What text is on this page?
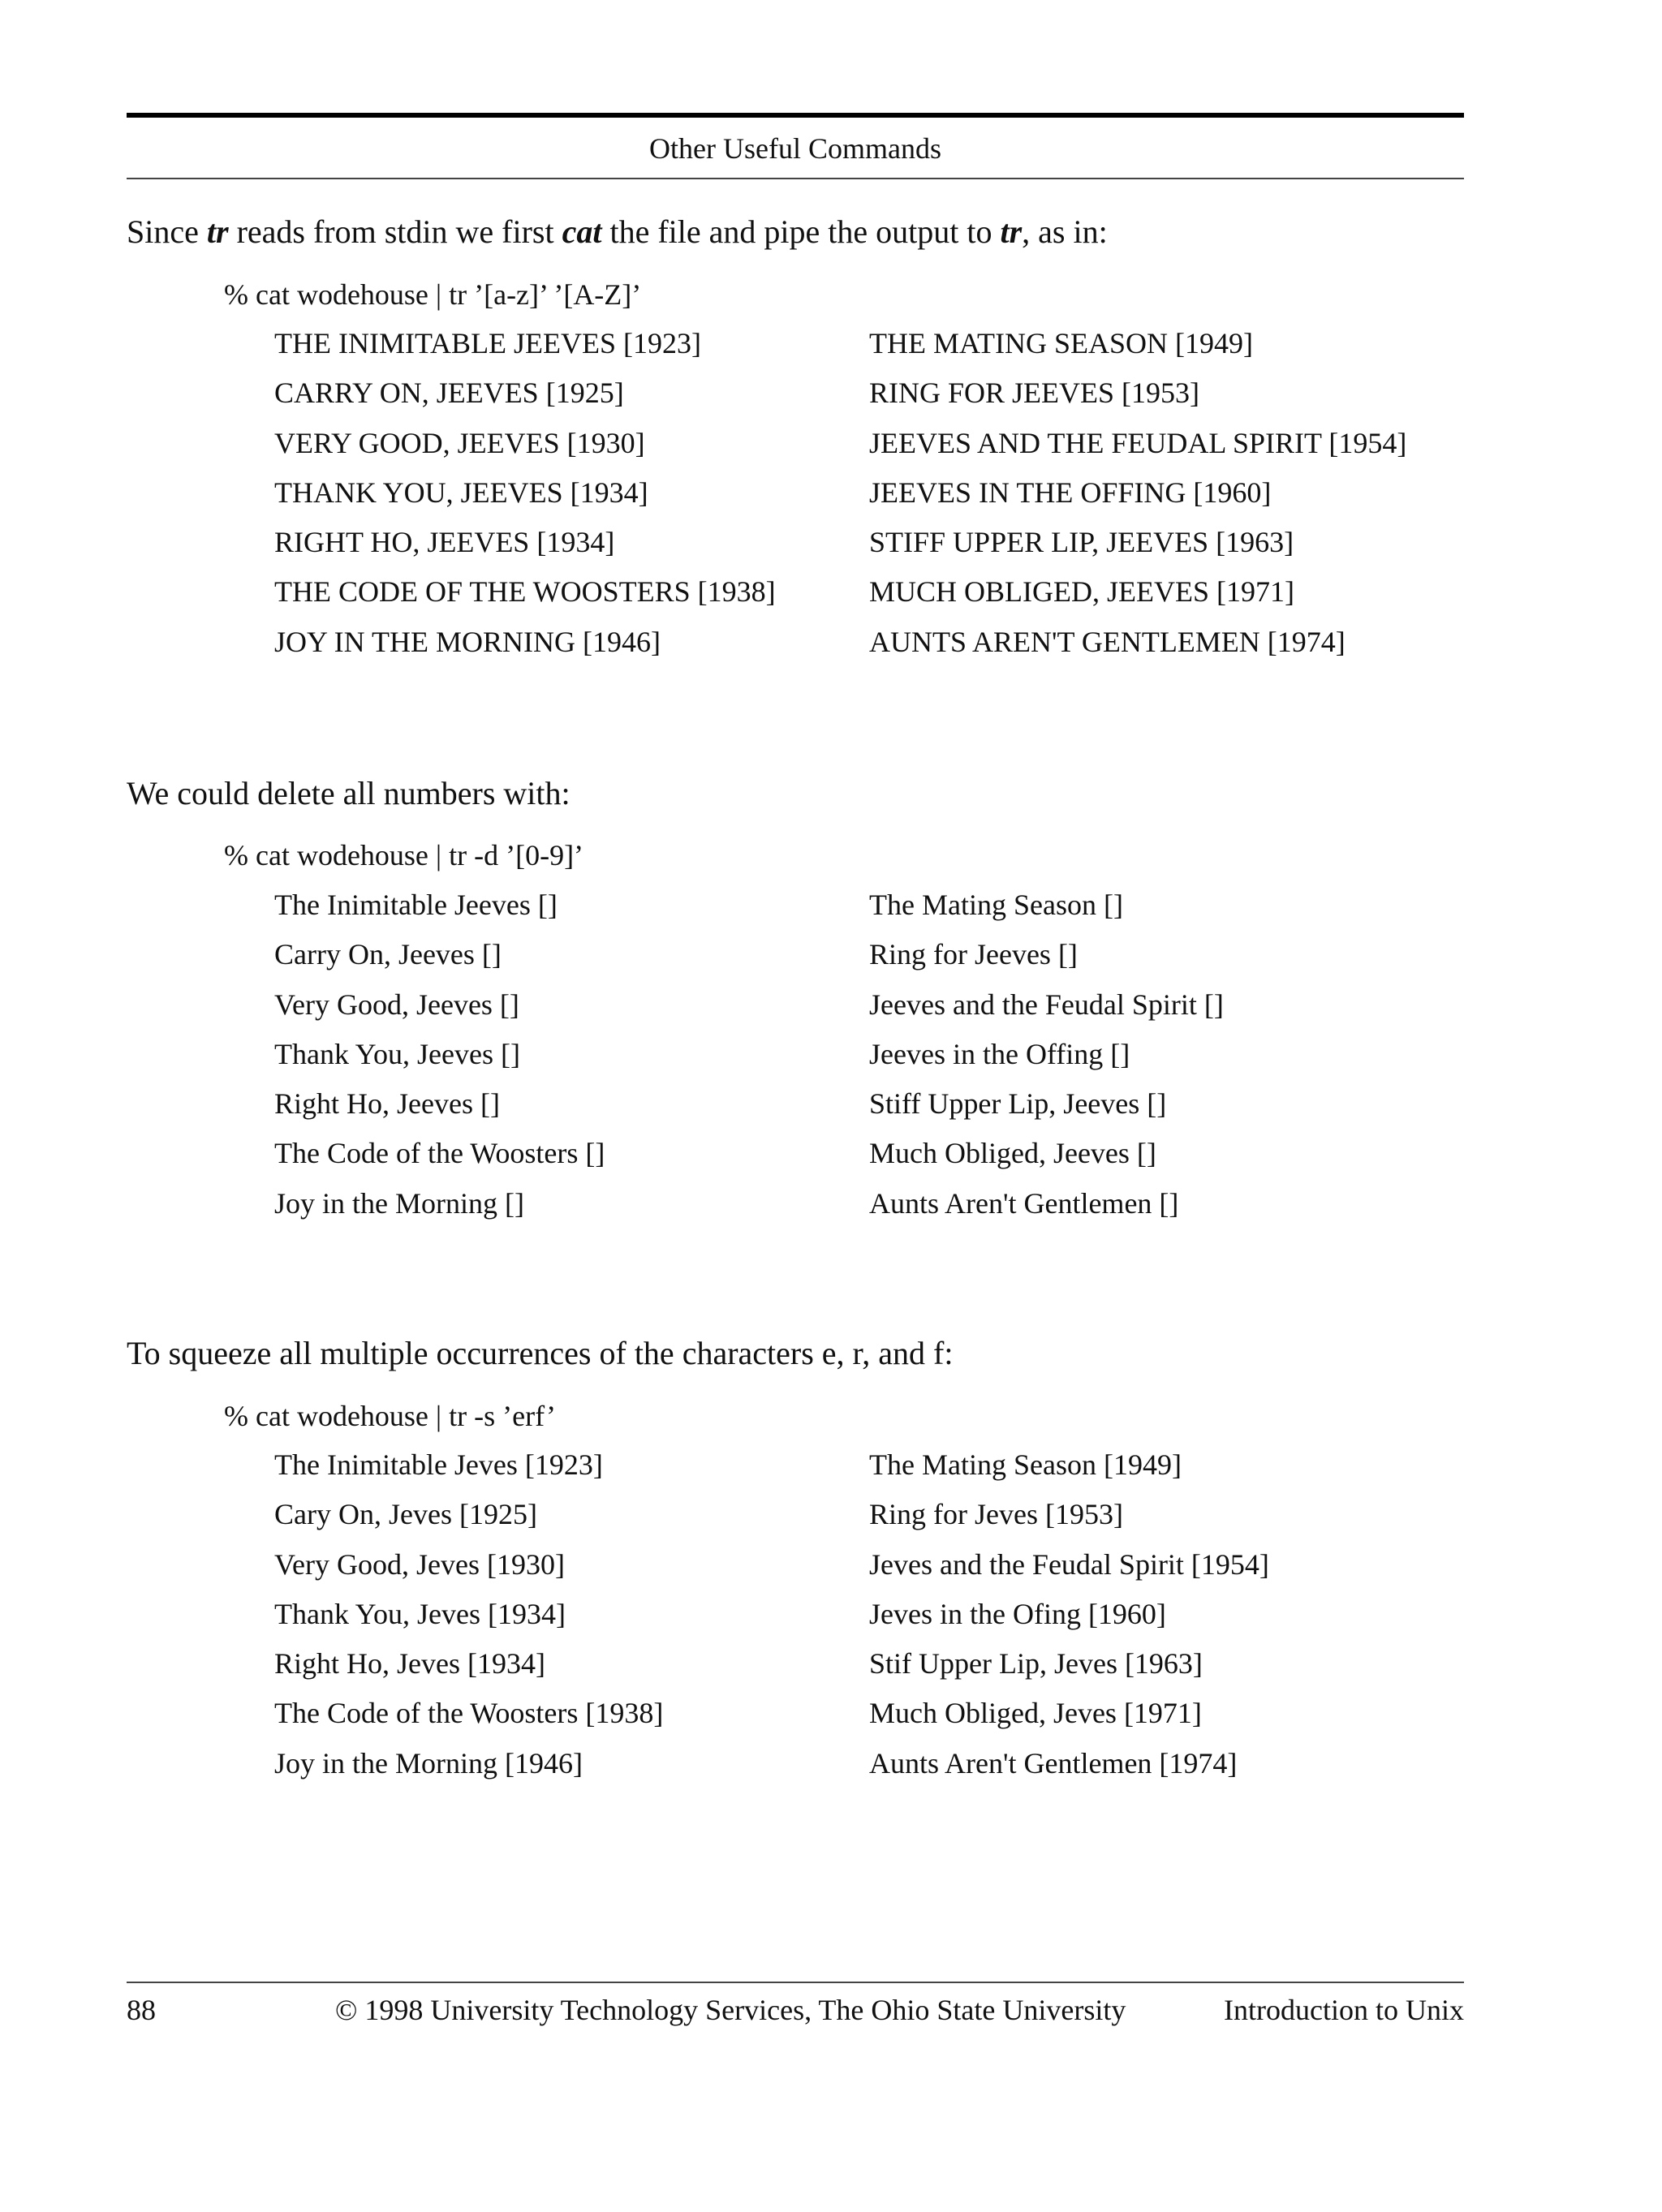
Other Useful Commands
Since tr reads from stdin we first cat the file and pipe the output to tr, as in:
% cat wodehouse | tr ’[a-z]’ ’[A-Z]’
THE INIMITABLE JEEVES [1923]
CARRY ON, JEEVES [1925]
VERY GOOD, JEEVES [1930]
THANK YOU, JEEVES [1934]
RIGHT HO, JEEVES [1934]
THE CODE OF THE WOOSTERS [1938]
JOY IN THE MORNING [1946]
THE MATING SEASON [1949]
RING FOR JEEVES [1953]
JEEVES AND THE FEUDAL SPIRIT [1954]
JEEVES IN THE OFFING [1960]
STIFF UPPER LIP, JEEVES [1963]
MUCH OBLIGED, JEEVES [1971]
AUNTS AREN'T GENTLEMEN [1974]
We could delete all numbers with:
% cat wodehouse | tr -d ’[0-9]’
The Inimitable Jeeves []
Carry On, Jeeves []
Very Good, Jeeves []
Thank You, Jeeves []
Right Ho, Jeeves []
The Code of the Woosters []
Joy in the Morning []
The Mating Season []
Ring for Jeeves []
Jeeves and the Feudal Spirit []
Jeeves in the Offing []
Stiff Upper Lip, Jeeves []
Much Obliged, Jeeves []
Aunts Aren't Gentlemen []
To squeeze all multiple occurrences of the characters e, r, and f:
% cat wodehouse | tr -s ’erf’
The Inimitable Jeves [1923]
Cary On, Jeves [1925]
Very Good, Jeves [1930]
Thank You, Jeves [1934]
Right Ho, Jeves [1934]
The Code of the Woosters [1938]
Joy in the Morning [1946]
The Mating Season [1949]
Ring for Jeves [1953]
Jeves and the Feudal Spirit [1954]
Jeves in the Ofing [1960]
Stif Upper Lip, Jeves [1963]
Much Obliged, Jeves [1971]
Aunts Aren't Gentlemen [1974]
88	© 1998 University Technology Services, The Ohio State University	Introduction to Unix
